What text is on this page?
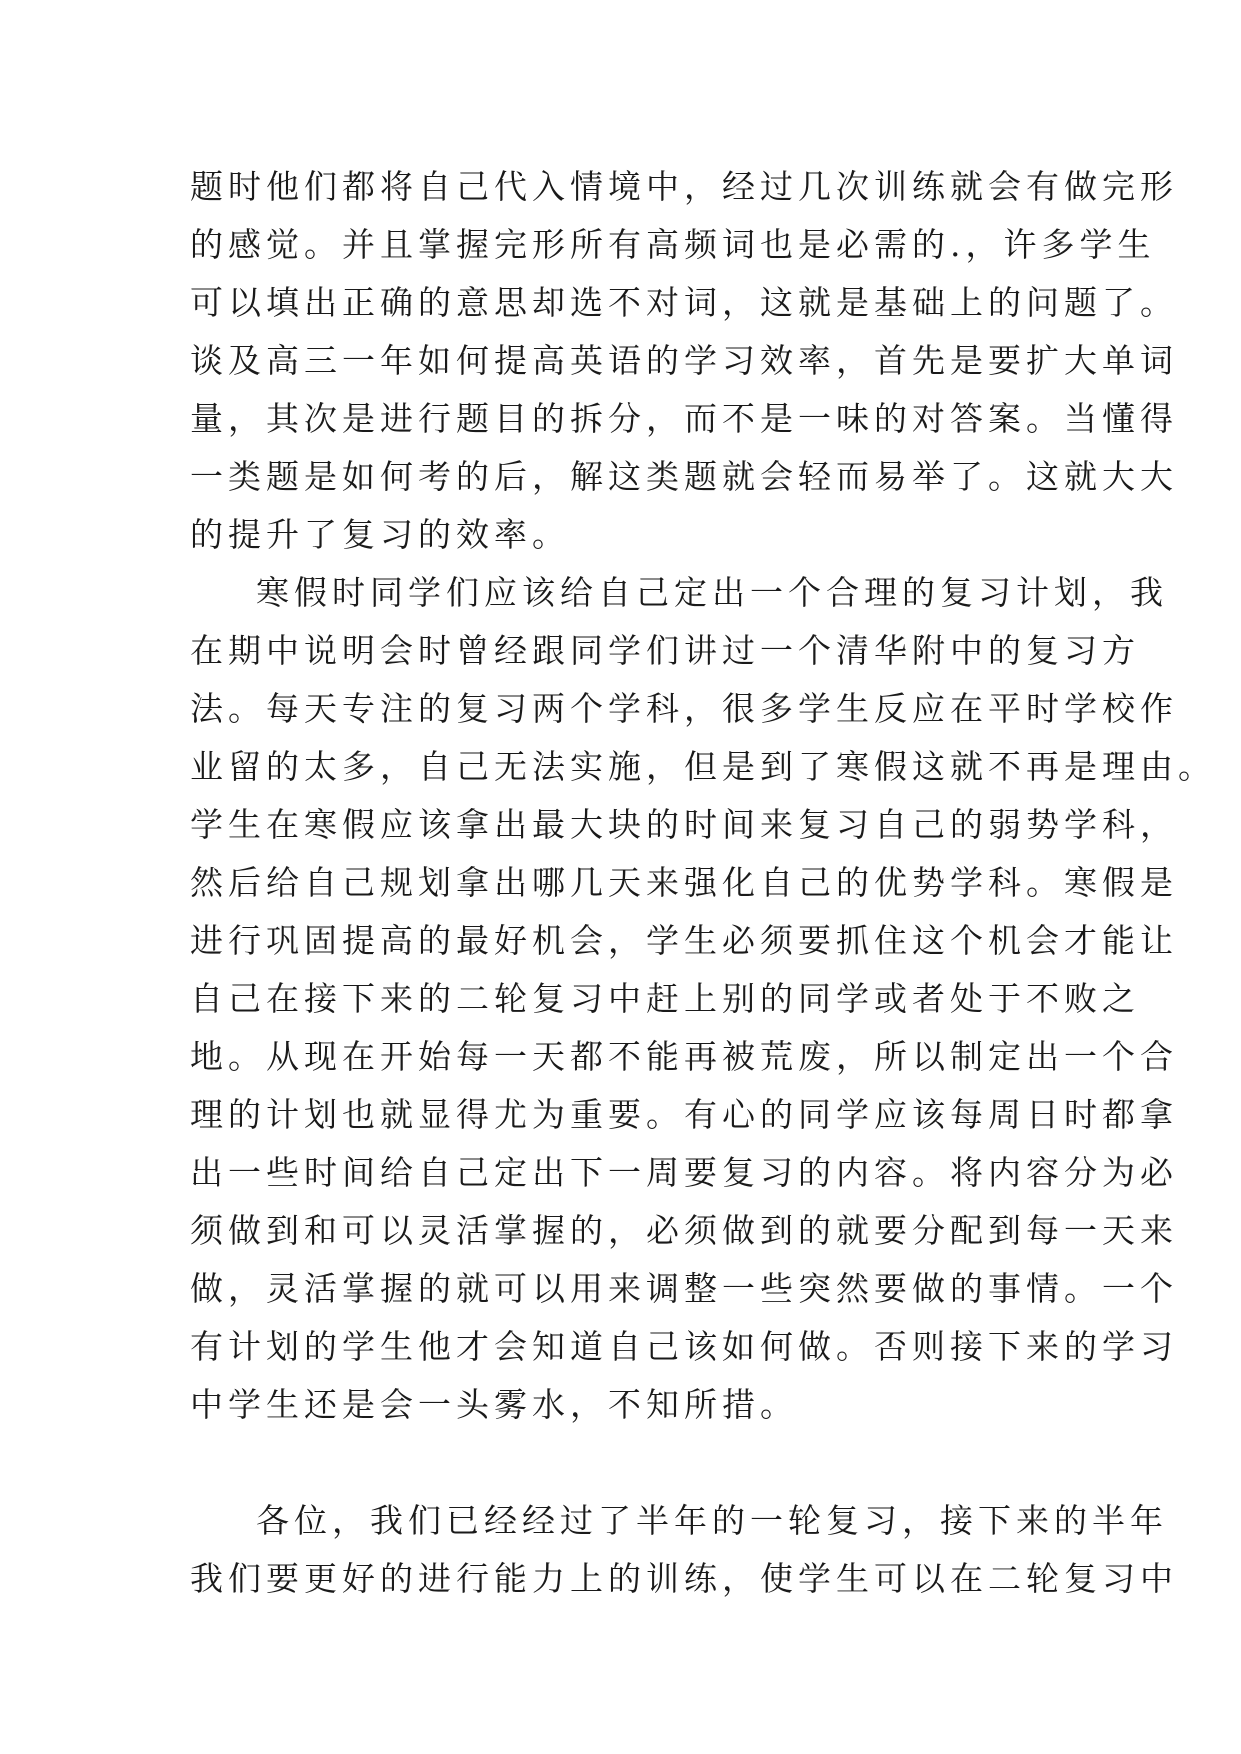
题时他们都将自己代入情境中，经过几次训练就会有做完形
的感觉。并且掌握完形所有高频词也是必需的.，许多学生
可以填出正确的意思却选不对词，这就是基础上的问题了。
谈及高三一年如何提高英语的学习效率，首先是要扩大单词
量，其次是进行题目的拆分，而不是一味的对答案。当懂得
一类题是如何考的后，解这类题就会轻而易举了。这就大大
的提升了复习的效率。
寒假时同学们应该给自己定出一个合理的复习计划，我
在期中说明会时曾经跟同学们讲过一个清华附中的复习方
法。每天专注的复习两个学科，很多学生反应在平时学校作
业留的太多，自己无法实施，但是到了寒假这就不再是理由。
学生在寒假应该拿出最大块的时间来复习自己的弱势学科，
然后给自己规划拿出哪几天来强化自己的优势学科。寒假是
进行巩固提高的最好机会，学生必须要抓住这个机会才能让
自己在接下来的二轮复习中赶上别的同学或者处于不败之
地。从现在开始每一天都不能再被荒废，所以制定出一个合
理的计划也就显得尤为重要。有心的同学应该每周日时都拿
出一些时间给自己定出下一周要复习的内容。将内容分为必
须做到和可以灵活掌握的，必须做到的就要分配到每一天来
做，灵活掌握的就可以用来调整一些突然要做的事情。一个
有计划的学生他才会知道自己该如何做。否则接下来的学习
中学生还是会一头雾水，不知所措。
各位，我们已经经过了半年的一轮复习，接下来的半年
我们要更好的进行能力上的训练，使学生可以在二轮复习中
